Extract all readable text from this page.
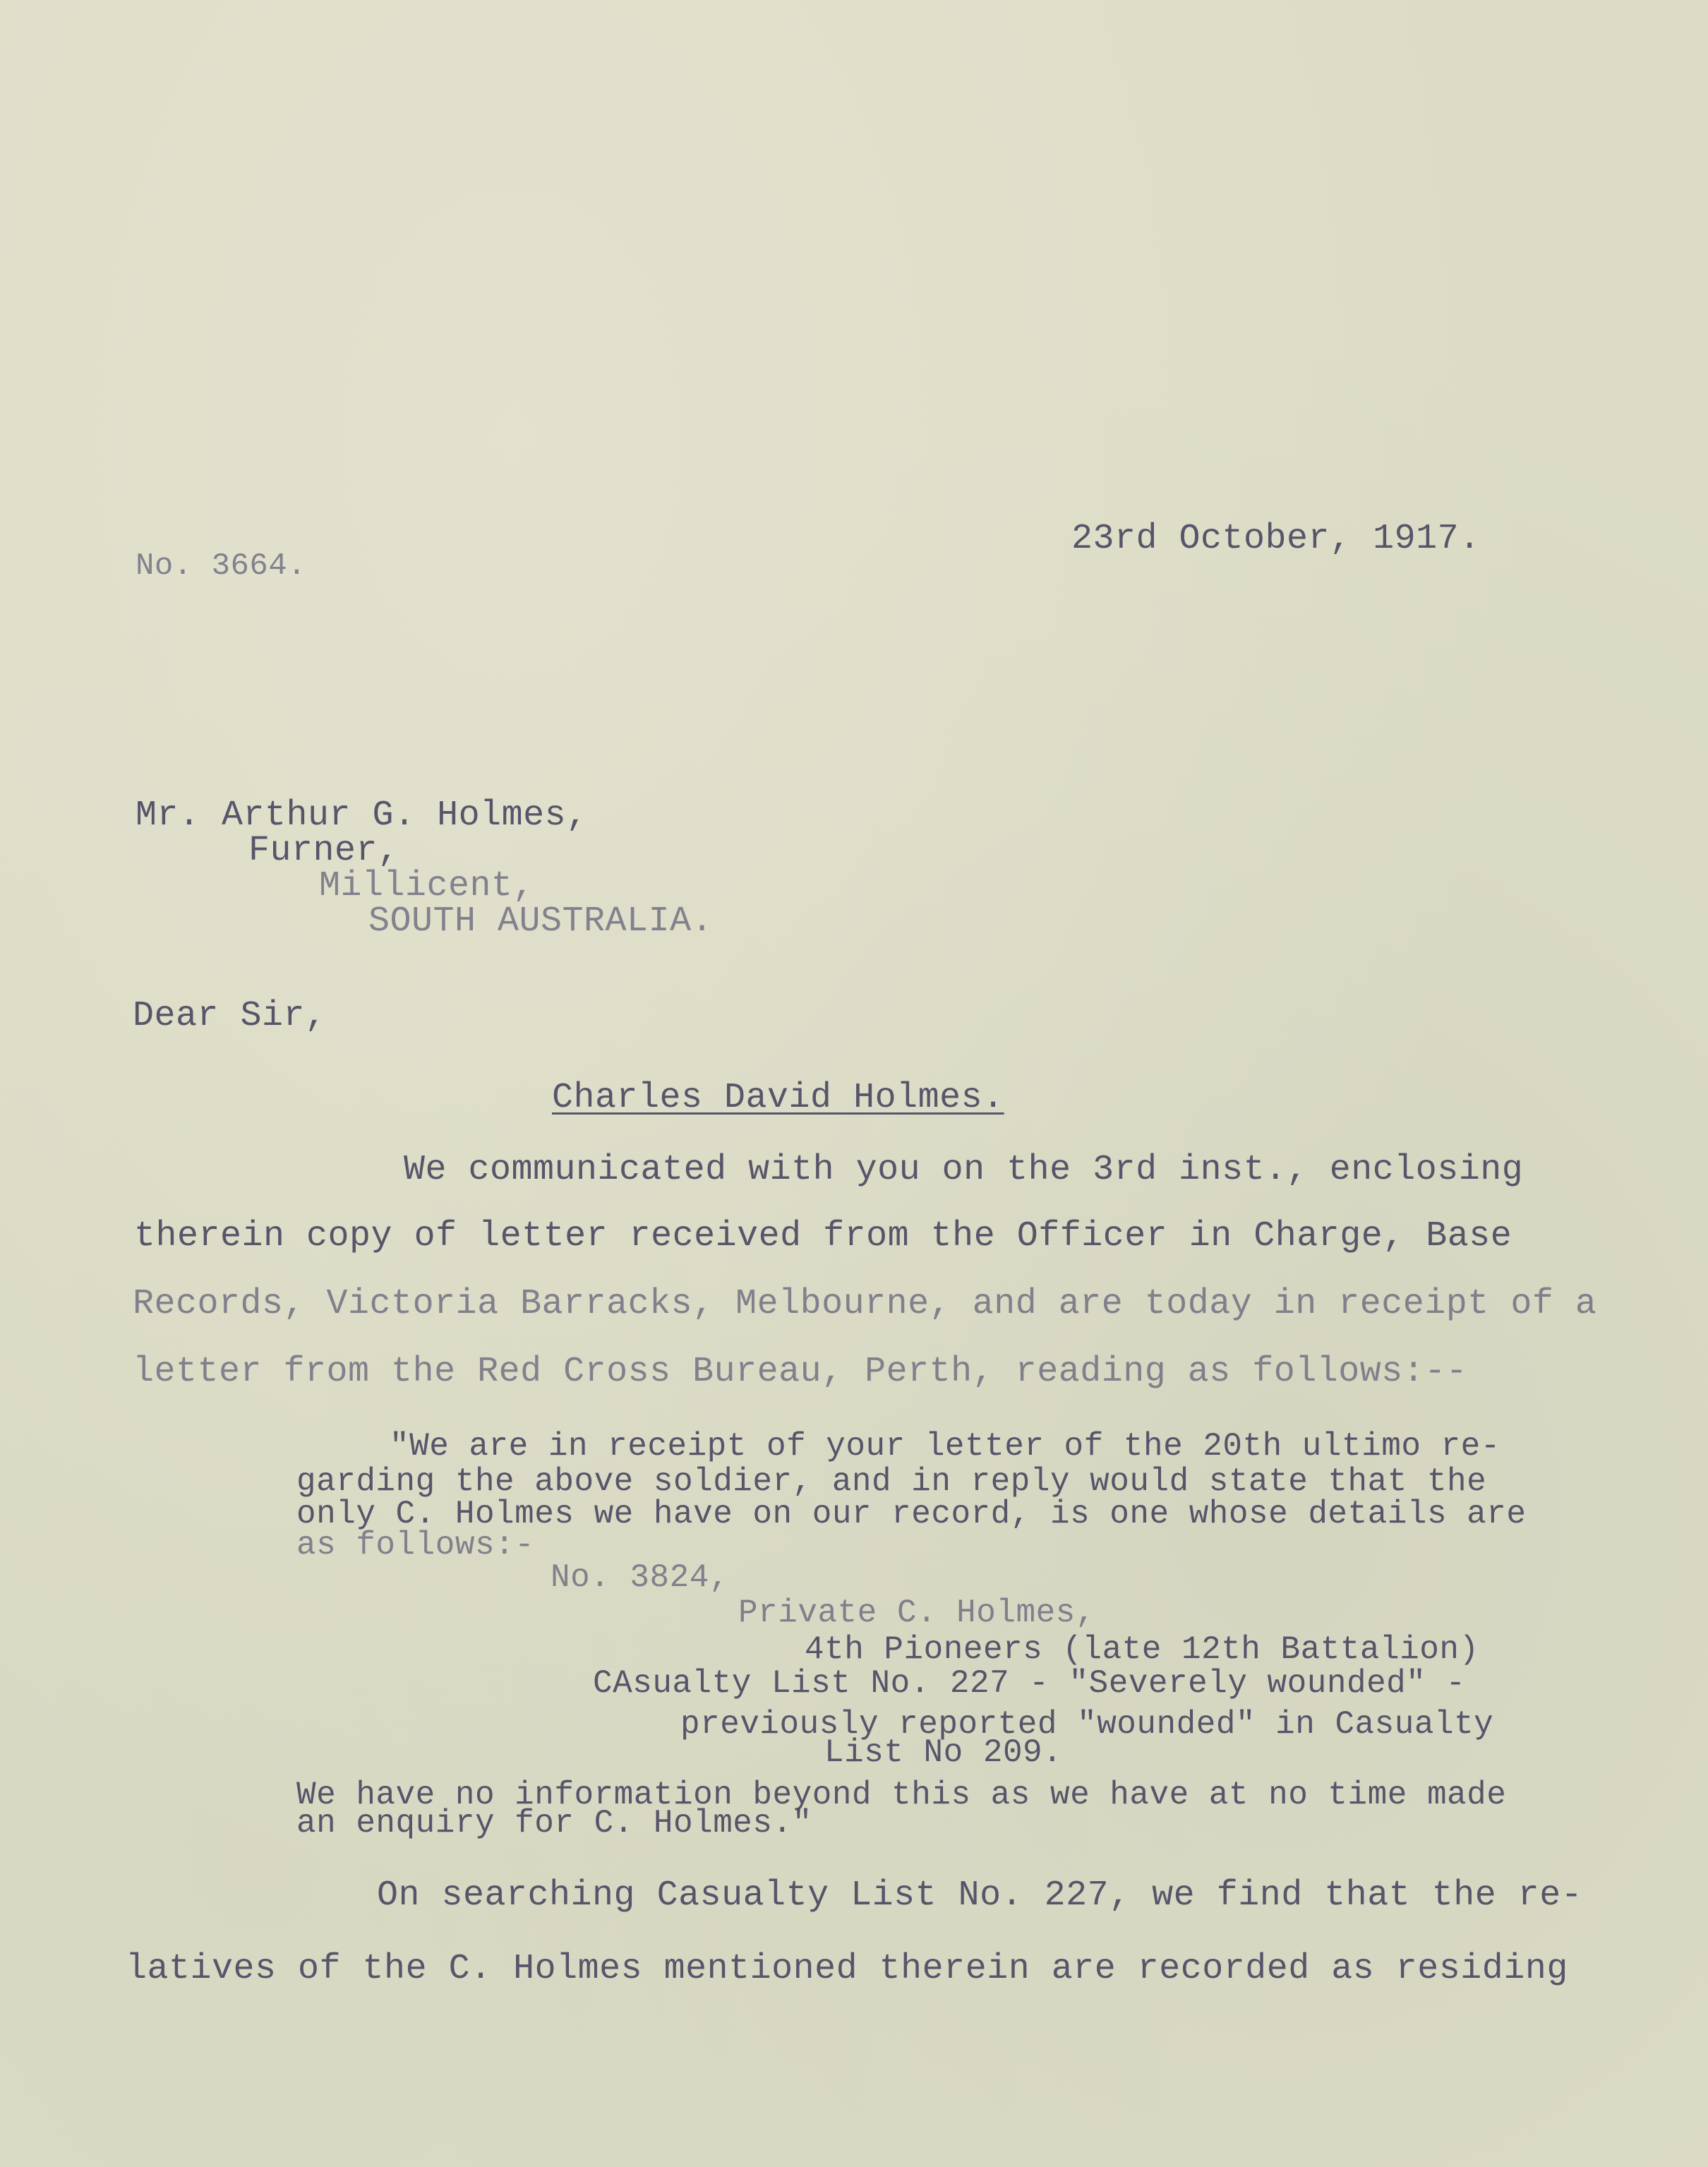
No. 3664.
23rd October, 1917.
Mr. Arthur G. Holmes,
Furner,
Millicent,
SOUTH AUSTRALIA.
Dear Sir,
Charles David Holmes.
We communicated with you on the 3rd inst., enclosing
therein copy of letter received from the Officer in Charge, Base
Records, Victoria Barracks, Melbourne, and are today in receipt of a
letter from the Red Cross Bureau, Perth, reading as follows:--
"We are in receipt of your letter of the 20th ultimo re-
garding the above soldier, and in reply would state that the
only C. Holmes we have on our record, is one whose details are
as follows:-
No. 3824,
Private C. Holmes,
4th Pioneers (late 12th Battalion)
CAsualty List No. 227 - "Severely wounded" -
previously reported "wounded" in Casualty
List No 209.
We have no information beyond this as we have at no time made
an enquiry for C. Holmes."
On searching Casualty List No. 227, we find that the re-
latives of the C. Holmes mentioned therein are recorded as residing
